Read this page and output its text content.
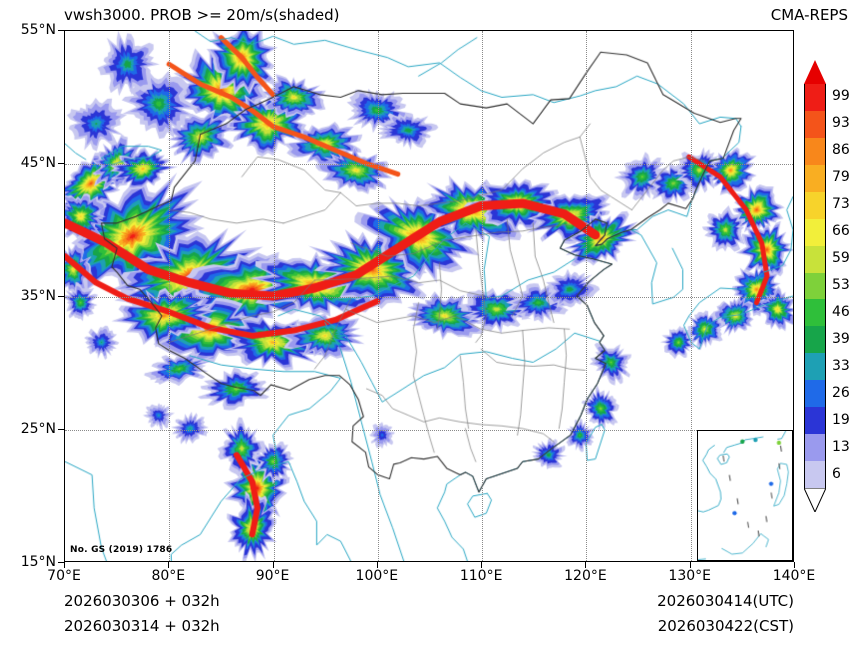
vwsh3000. PROB >= 20m/s(shaded)	CMA-REPS
15°N
25°N
35°N
45°N
55°N
70°E	80°E	90°E	100°E	110°E	120°E	130°E	140°E
No. GS (2019) 1786
6
13
19
26
33
39
46
53
59
66
73
79
86
93
99
2026030306 + 032h
2026030314 + 032h
2026030414(UTC)
2026030422(CST)
